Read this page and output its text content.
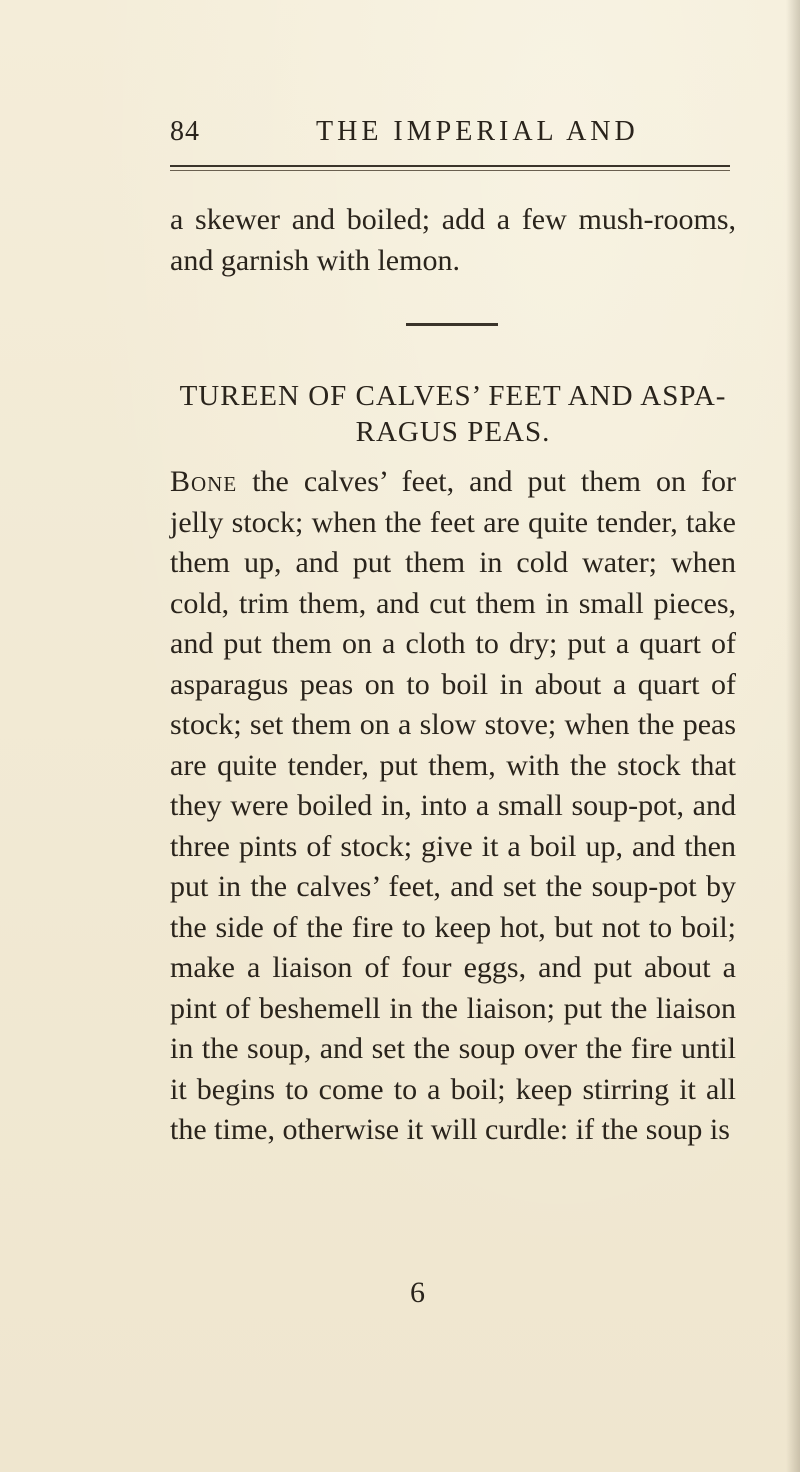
84	THE IMPERIAL AND

a skewer and boiled; add a few mush-rooms, and garnish with lemon.

TUREEN OF CALVES’ FEET AND ASPA-RAGUS PEAS.

Bone the calves’ feet, and put them on for jelly stock; when the feet are quite tender, take them up, and put them in cold water; when cold, trim them, and cut them in small pieces, and put them on a cloth to dry; put a quart of asparagus peas on to boil in about a quart of stock; set them on a slow stove; when the peas are quite tender, put them, with the stock that they were boiled in, into a small soup-pot, and three pints of stock; give it a boil up, and then put in the calves’ feet, and set the soup-pot by the side of the fire to keep hot, but not to boil; make a liaison of four eggs, and put about a pint of beshemell in the liaison; put the liaison in the soup, and set the soup over the fire until it begins to come to a boil; keep stirring it all the time, otherwise it will curdle: if the soup is

6
